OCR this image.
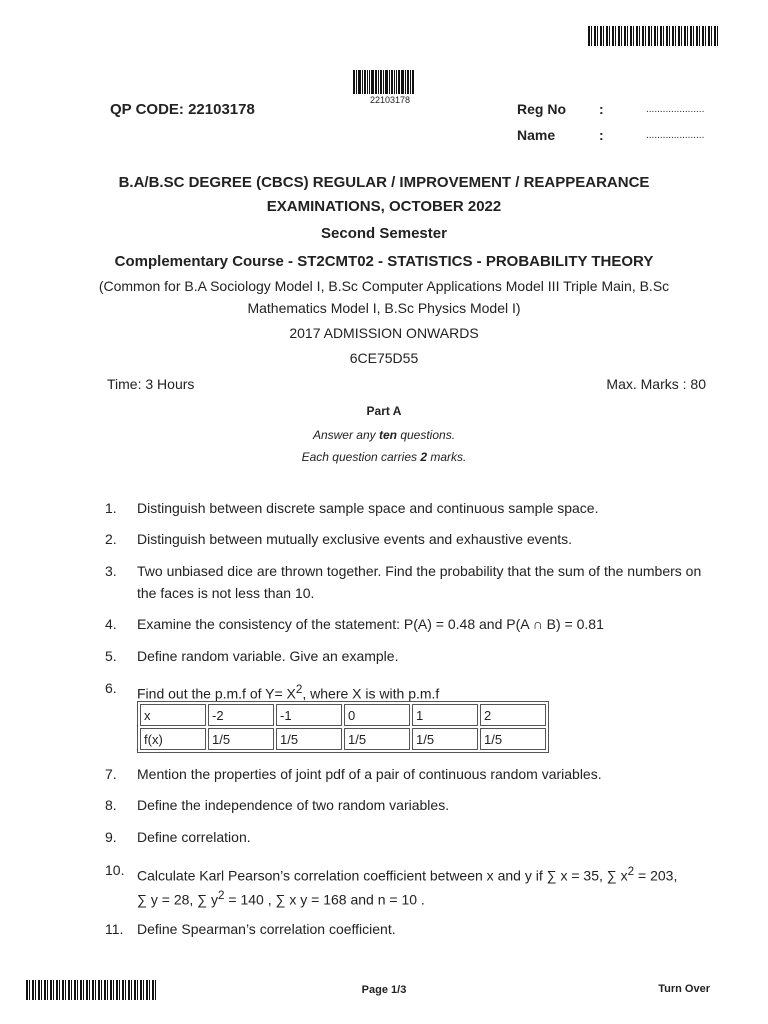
22103178
QP CODE: 22103178	Reg No :	.....................
Name	:	.....................
B.A/B.SC DEGREE (CBCS) REGULAR / IMPROVEMENT / REAPPEARANCE
EXAMINATIONS, OCTOBER 2022
Second Semester
Complementary Course - ST2CMT02 - STATISTICS - PROBABILITY THEORY
(Common for B.A Sociology Model I, B.Sc Computer Applications Model III Triple Main, B.Sc
Mathematics Model I, B.Sc Physics Model I)
2017 ADMISSION ONWARDS
6CE75D55
Time: 3 Hours	Max. Marks : 80
Part A
Answer any ten questions.
Each question carries 2 marks.
1. Distinguish between discrete sample space and continuous sample space.
2. Distinguish between mutually exclusive events and exhaustive events.
3. Two unbiased dice are thrown together. Find the probability that the sum of the numbers on the faces is not less than 10.
4. Examine the consistency of the statement: P(A) = 0.48 and P(A ∩ B) = 0.81
5. Define random variable. Give an example.
6. Find out the p.m.f of $Y= X^2$, where X is with p.m.f
x	-2	-1	0	1	2
f(x)	1/5	1/5	1/5	1/5	1/5
7. Mention the properties of joint pdf of a pair of continuous random variables.
8. Define the independence of two random variables.
9. Define correlation.
10. Calculate Karl Pearson’s correlation coefficient between x and y if ∑ x = 35, ∑ $x^2 = 203$,
∑ y = 28, ∑ $y^2 = 140$ , ∑ x y = 168 and n = 10 .
11. Define Spearman’s correlation coefficient.
Page 1/3	Turn Over
